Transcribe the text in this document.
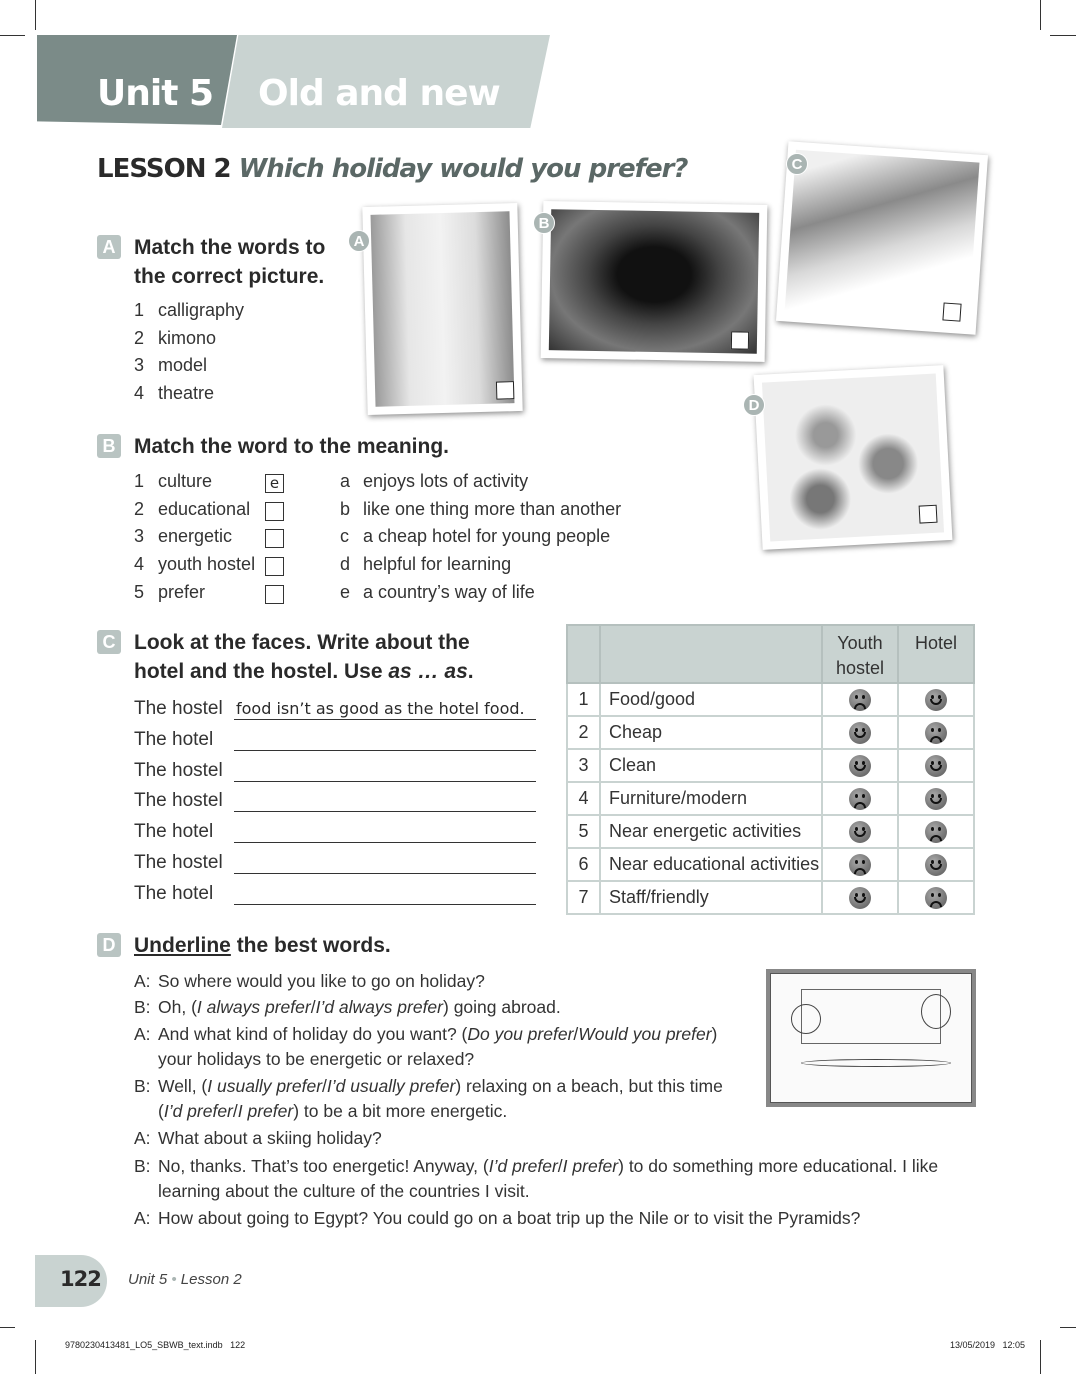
Unit 5 Old and new
LESSON 2 Which holiday would you prefer?
A
B
C
D
A Match the words to
the correct picture.
1 calligraphy
2 kimono
3 model
4 theatre
B Match the word to the meaning.
1 culture	e	a enjoys lots of activity
2 educational	b like one thing more than another
3 energetic	c a cheap hotel for young people
4 youth hostel	d helpful for learning
5 prefer	e a country’s way of life
C Look at the faces. Write about the
hotel and the hostel. Use as … as.
The hostel food isn’t as good as the hotel food.
The hotel
The hostel
The hostel
The hotel
The hostel
The hotel
		Youth hostel	Hotel
1	Food/good	

2	Cheap	

3	Clean	

4	Furniture/modern	

5	Near energetic activities	

6	Near educational activities	

7	Staff/friendly	

D Underline the best words.
A: So where would you like to go on holiday?
B: Oh, (I always prefer/I’d always prefer) going abroad.
A: And what kind of holiday do you want? (Do you prefer/Would you prefer)
your holidays to be energetic or relaxed?
B: Well, (I usually prefer/I’d usually prefer) relaxing on a beach, but this time
(I’d prefer/I prefer) to be a bit more energetic.
A: What about a skiing holiday?
B: No, thanks. That’s too energetic! Anyway, (I’d prefer/I prefer) to do something more educational. I like
learning about the culture of the countries I visit.
A: How about going to Egypt? You could go on a boat trip up the Nile or to visit the Pyramids?
122 Unit 5 • Lesson 2
9780230413481_LO5_SBWB_text.indb   122	13/05/2019   12:05
